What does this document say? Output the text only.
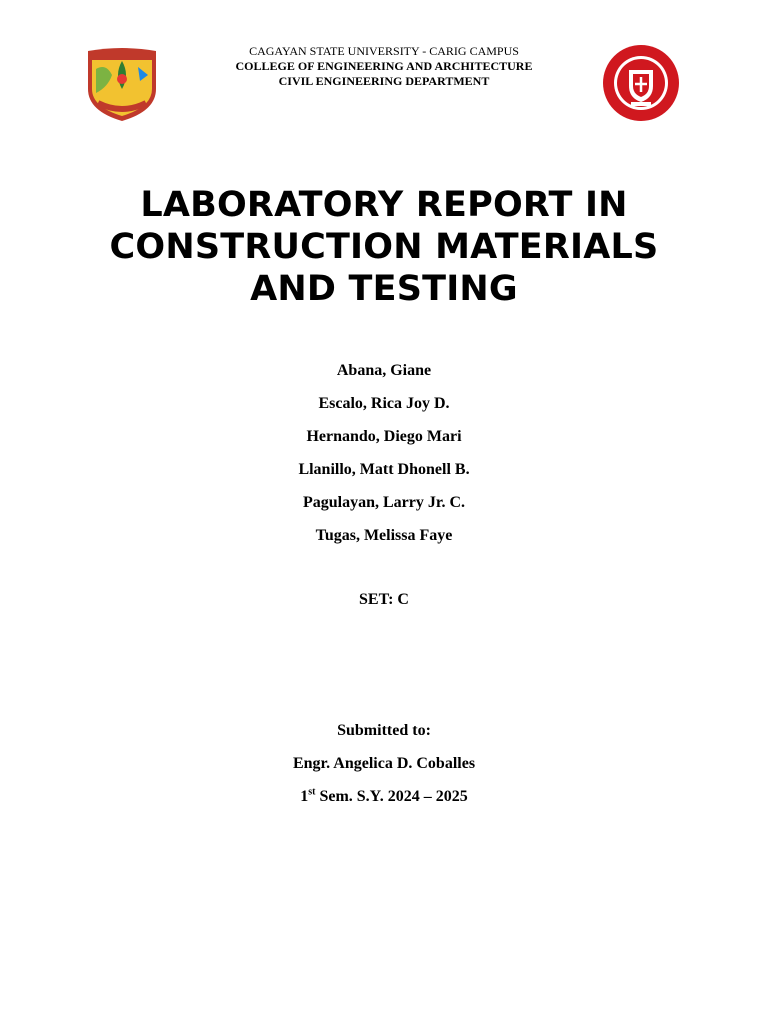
CAGAYAN STATE UNIVERSITY - CARIG CAMPUS
COLLEGE OF ENGINEERING AND ARCHITECTURE
CIVIL ENGINEERING DEPARTMENT
LABORATORY REPORT IN
CONSTRUCTION MATERIALS
AND TESTING
Abana, Giane
Escalo, Rica Joy D.
Hernando, Diego Mari
Llanillo, Matt Dhonell B.
Pagulayan, Larry Jr. C.
Tugas, Melissa Faye
SET: C
Submitted to:
Engr. Angelica D. Coballes
1st Sem. S.Y. 2024 – 2025
